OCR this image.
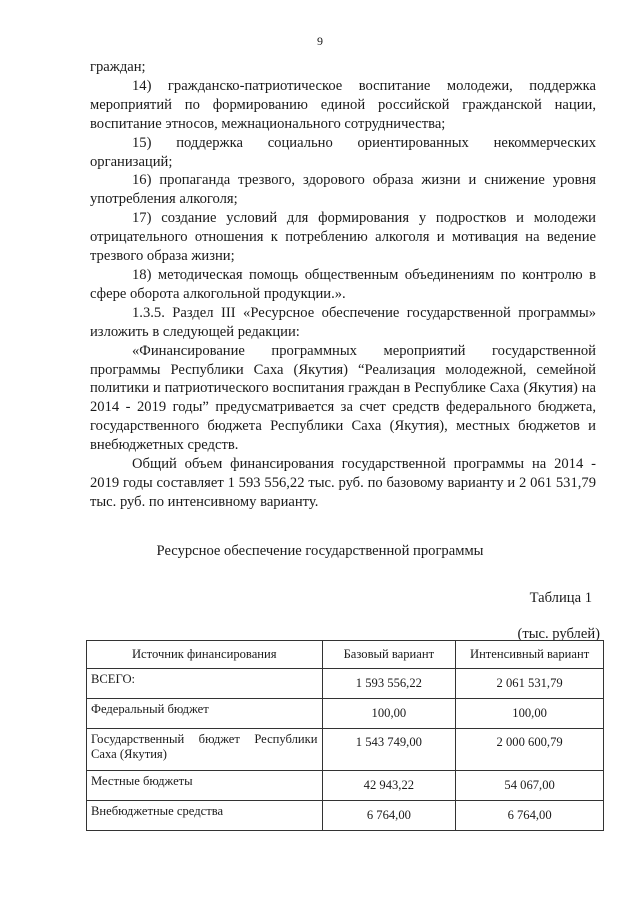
9

граждан;

14) гражданско-патриотическое воспитание молодежи, поддержка мероприятий по формированию единой российской гражданской нации, воспитание этносов, межнационального сотрудничества;

15) поддержка социально ориентированных некоммерческих организаций;

16) пропаганда трезвого, здорового образа жизни и снижение уровня употребления алкоголя;

17) создание условий для формирования у подростков и молодежи отрицательного отношения к потреблению алкоголя и мотивация на ведение трезвого образа жизни;

18) методическая помощь общественным объединениям по контролю в сфере оборота алкогольной продукции.».

1.3.5. Раздел III «Ресурсное обеспечение государственной программы» изложить в следующей редакции:

«Финансирование программных мероприятий государственной программы Республики Саха (Якутия) “Реализация молодежной, семейной политики и патриотического воспитания граждан в Республике Саха (Якутия) на 2014 - 2019 годы” предусматривается за счет средств федерального бюджета, государственного бюджета Республики Саха (Якутия), местных бюджетов и внебюджетных средств.

Общий объем финансирования государственной программы на 2014 - 2019 годы составляет 1 593 556,22 тыс. руб. по базовому варианту и 2 061 531,79 тыс. руб. по интенсивному варианту.

Ресурсное обеспечение государственной программы
Таблица 1
(тыс. рублей)
Источник финансирования	Базовый вариант	Интенсивный вариант
ВСЕГО:	1 593 556,22	2 061 531,79
Федеральный бюджет	100,00	100,00
Государственный бюджет Республики
Саха (Якутия)	1 543 749,00	2 000 600,79
Местные бюджеты	42 943,22	54 067,00
Внебюджетные средства	6 764,00	6 764,00
